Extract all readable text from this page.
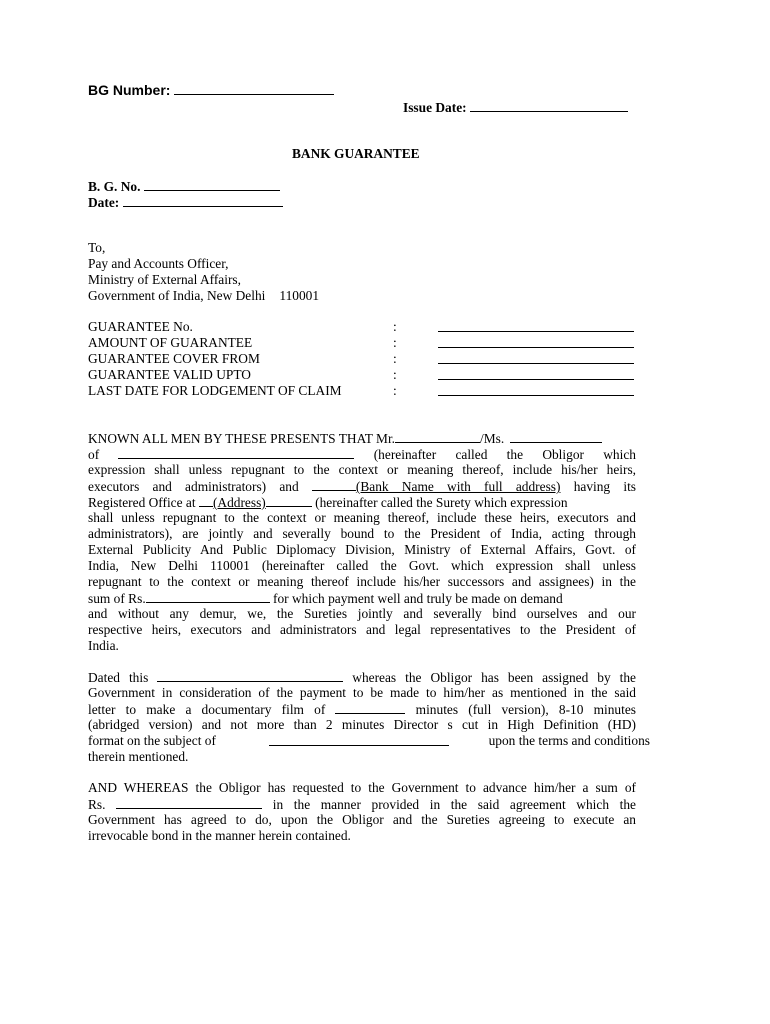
BG Number:
Issue Date:
BANK GUARANTEE
B. G. No.
Date:
To,
Pay and Accounts Officer,
Ministry of External Affairs,
Government of India, New Delhi 110001
GUARANTEE No.	:
AMOUNT OF GUARANTEE	:
GUARANTEE COVER FROM	:
GUARANTEE VALID UPTO	:
LAST DATE FOR LODGEMENT OF CLAIM	:
KNOWN ALL MEN BY THESE PRESENTS THAT Mr.	/Ms.
of	(hereinafter called the Obligor which
expression shall unless repugnant to the context or meaning thereof, include his/her heirs,
executors and administrators) and	(Bank Name with full address) having its
Registered Office at (Address)	(hereinafter called the Surety which expression
shall unless repugnant to the context or meaning thereof, include these heirs, executors and
administrators), are jointly and severally bound to the President of India, acting through
External Publicity And Public Diplomacy Division, Ministry of External Affairs, Govt. of
India, New Delhi 110001 (hereinafter called the Govt. which expression shall unless
repugnant to the context or meaning thereof include his/her successors and assignees) in the
sum of Rs.	for which payment well and truly be made on demand
and without any demur, we, the Sureties jointly and severally bind ourselves and our
respective heirs, executors and administrators and legal representatives to the President of
India.
Dated this	whereas the Obligor has been assigned by the
Government in consideration of the payment to be made to him/her as mentioned in the said
letter to make a documentary film of	minutes (full version), 8-10 minutes
(abridged version) and not more than 2 minutes Director s cut in High Definition (HD)
format on the subject of	upon the terms and conditions
therein mentioned.
AND WHEREAS the Obligor has requested to the Government to advance him/her a sum of
Rs.	in the manner provided in the said agreement which the
Government has agreed to do, upon the Obligor and the Sureties agreeing to execute an
irrevocable bond in the manner herein contained.
